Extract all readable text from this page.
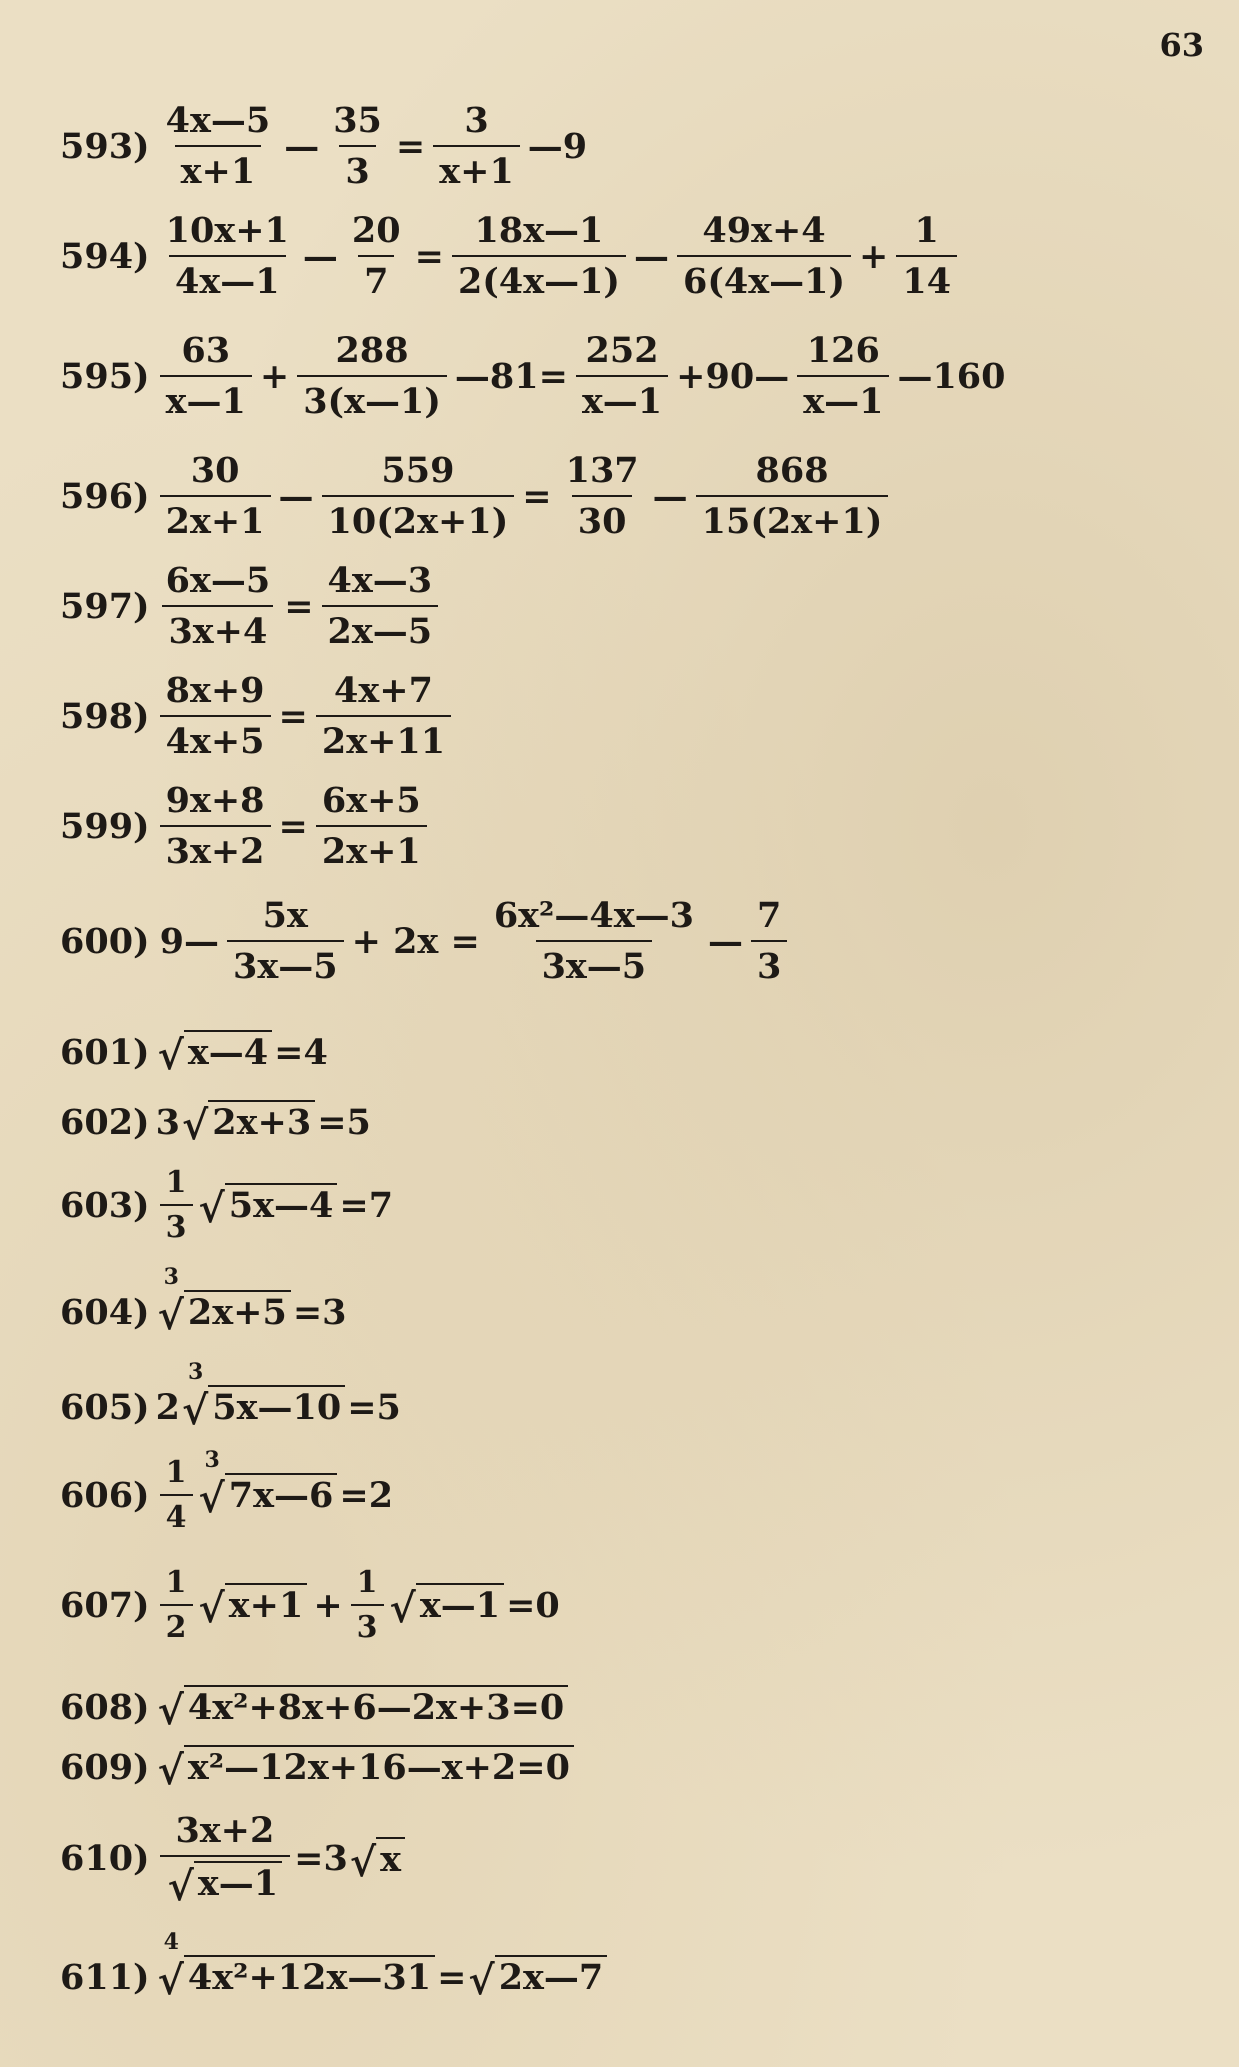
63
$593) \frac{4x—5}{x+1}$ — $\frac{35}{3} = \frac{3}{x+1}$ —9
$594) \frac{10x+1}{4x—1}$ — $\frac{20}{7} = \frac{18x—1}{2(4x—1)}$ — $\frac{49x+4}{6(4x—1)} + \frac{1}{14}$
$595) \frac{63}{x—1} + \frac{288}{3(x—1)}$ —81= $\frac{252}{x—1}$ +90— $\frac{126}{x—1}$ —160
$596) \frac{30}{2x+1}$ — $\frac{559}{10(2x+1)} = \frac{137}{30}$ — $\frac{868}{15(2x+1)}$
$597) \frac{6x—5}{3x+4} = \frac{4x—3}{2x—5}$
$598) \frac{8x+9}{4x+5} = \frac{4x+7}{2x+11}$
$599) \frac{9x+8}{3x+2} = \frac{6x+5}{2x+1}$
600) 9— $\frac{5x}{3x—5} + 2x = \frac{\text{6x²—4x—3}}{3x—5}$ — $\frac{7}{3}$
601) √ x—4 =4
602) 3 √ 2x+3 =5
$603) \frac{1}{3}$ √ 5x—4 =7
604)
3
√ 2x+5 =3
605) 2
3
√ 5x—10 =5
$606) \frac{1}{4} 3$
√ 7x—6 =2
$607) \frac{1}{2}$ √ $x+1 + \frac{1}{3}$ √ x—1 =0
608) √ 4x²+8x+6—2x+3=0
609) √ x²—12x+16—x+2=0
$610) \frac{3x+2}{√ x—1} =3$ √ x
611)
4
√ 4x²+12x—31 = √ 2x—7
